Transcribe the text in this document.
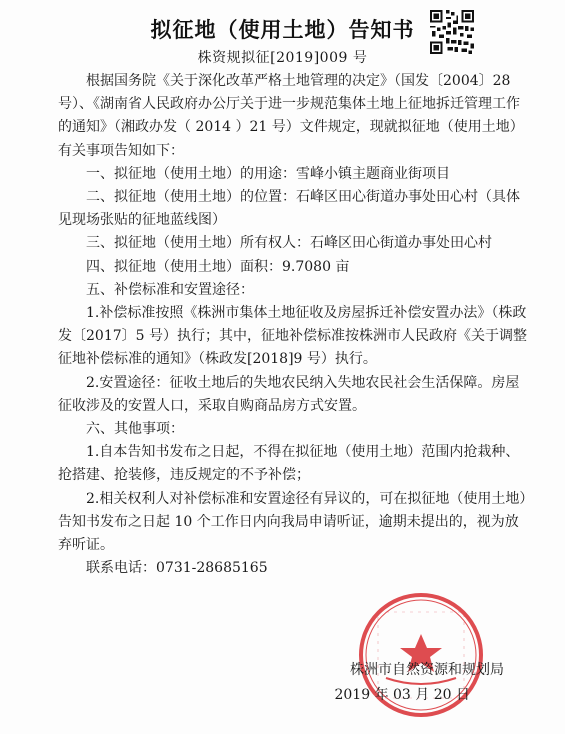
拟征地（使用土地）告知书
株资规拟征[2019]009 号

根据国务院《关于深化改革严格土地管理的决定》（国发〔2004〕28 号）、《湖南省人民政府办公厅关于进一步规范集体土地上征地拆迁管理工作的通知》（湘政办发（ 2014 ）21 号）文件规定，现就拟征地（使用土地）有关事项告知如下：

一、拟征地（使用土地）的用途：雪峰小镇主题商业街项目

二、拟征地（使用土地）的位置：石峰区田心街道办事处田心村（具体见现场张贴的征地蓝线图）

三、拟征地（使用土地）所有权人：石峰区田心街道办事处田心村

四、拟征地（使用土地）面积：9.7080 亩

五、补偿标准和安置途径：

1.补偿标准按照《株洲市集体土地征收及房屋拆迁补偿安置办法》（株政发〔2017〕5 号）执行；其中，征地补偿标准按株洲市人民政府《关于调整征地补偿标准的通知》（株政发[2018]9 号）执行。

2.安置途径：征收土地后的失地农民纳入失地农民社会生活保障。房屋征收涉及的安置人口，采取自购商品房方式安置。

六、其他事项：

1.自本告知书发布之日起，不得在拟征地（使用土地）范围内抢栽种、抢搭建、抢装修，违反规定的不予补偿；

2.相关权利人对补偿标准和安置途径有异议的，可在拟征地（使用土地）告知书发布之日起 10 个工作日内向我局申请听证，逾期未提出的，视为放弃听证。

联系电话：0731-28685165

株洲市自然资源和规划局
2019 年 03 月 20 日
